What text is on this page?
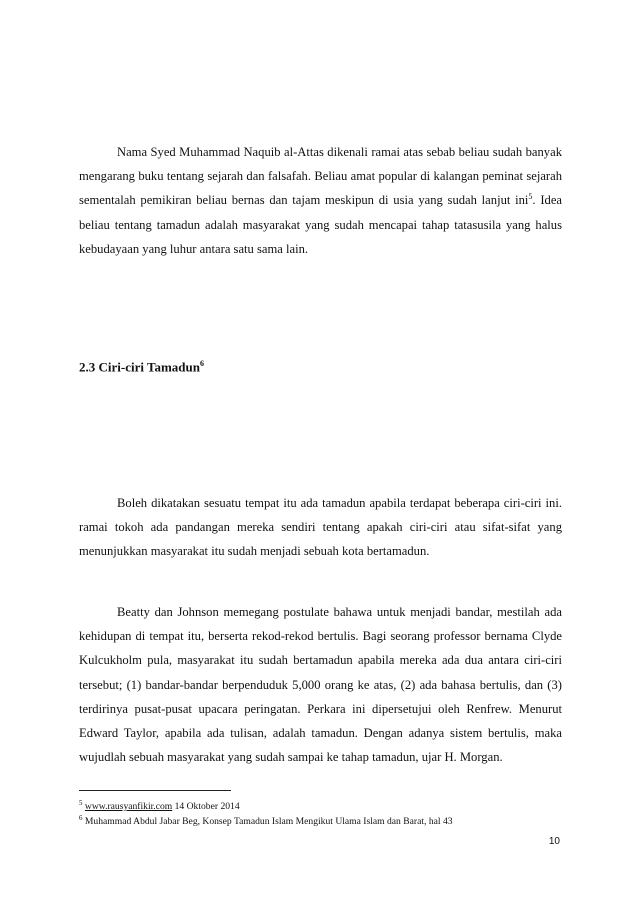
Nama Syed Muhammad Naquib al-Attas dikenali ramai atas sebab beliau sudah banyak mengarang buku tentang sejarah dan falsafah. Beliau amat popular di kalangan peminat sejarah sementalah pemikiran beliau bernas dan tajam meskipun di usia yang sudah lanjut ini$^5$. Idea beliau tentang tamadun adalah masyarakat yang sudah mencapai tahap tatasusila yang halus kebudayaan yang luhur antara satu sama lain.

2.3 Ciri-ciri Tamadun$^6$

Boleh dikatakan sesuatu tempat itu ada tamadun apabila terdapat beberapa ciri-ciri ini. ramai tokoh ada pandangan mereka sendiri tentang apakah ciri-ciri atau sifat-sifat yang menunjukkan masyarakat itu sudah menjadi sebuah kota bertamadun.

Beatty dan Johnson memegang postulate bahawa untuk menjadi bandar, mestilah ada kehidupan di tempat itu, berserta rekod-rekod bertulis. Bagi seorang professor bernama Clyde Kulcukholm pula, masyarakat itu sudah bertamadun apabila mereka ada dua antara ciri-ciri tersebut; (1) bandar-bandar berpenduduk 5,000 orang ke atas, (2) ada bahasa bertulis, dan (3) terdirinya pusat-pusat upacara peringatan. Perkara ini dipersetujui oleh Renfrew. Menurut Edward Taylor, apabila ada tulisan, adalah tamadun. Dengan adanya sistem bertulis, maka wujudlah sebuah masyarakat yang sudah sampai ke tahap tamadun, ujar H. Morgan.

$^5$ www.rausyanfikir.com 14 Oktober 2014

$^6$ Muhammad Abdul Jabar Beg, Konsep Tamadun Islam Mengikut Ulama Islam dan Barat, hal 43

10
